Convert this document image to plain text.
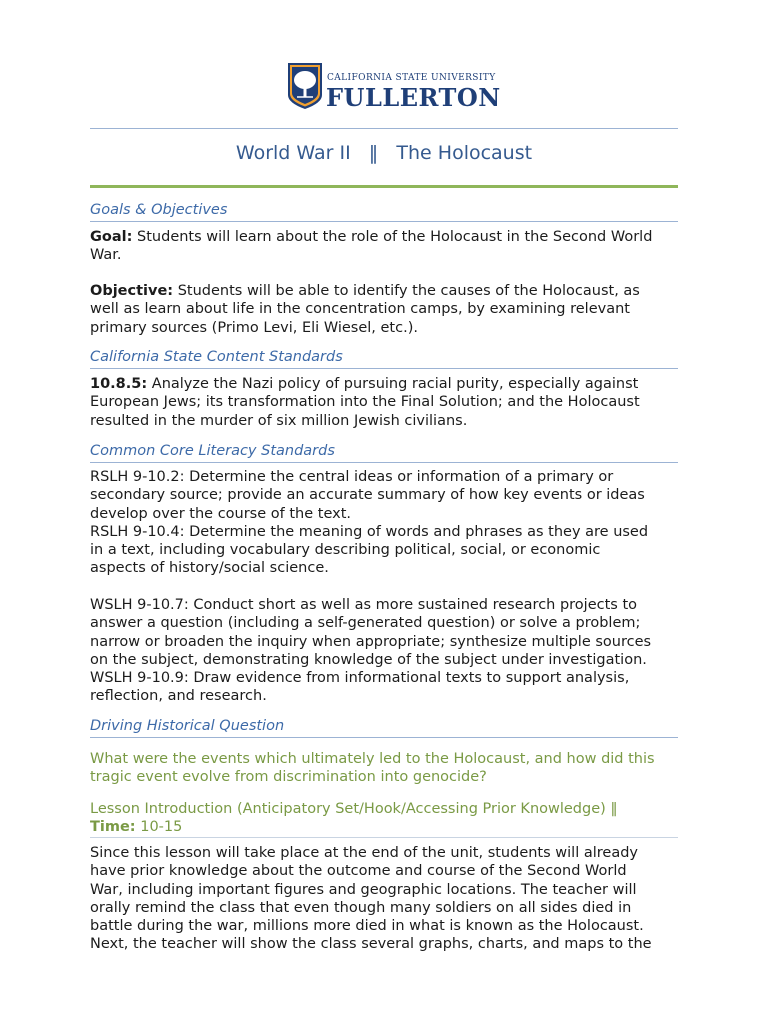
CALIFORNIA STATE UNIVERSITY
FULLERTON
World War II   ‖   The Holocaust
Goals & Objectives
Goal: Students will learn about the role of the Holocaust in the Second World
War.
Objective: Students will be able to identify the causes of the Holocaust, as
well as learn about life in the concentration camps, by examining relevant
primary sources (Primo Levi, Eli Wiesel, etc.).
California State Content Standards
10.8.5: Analyze the Nazi policy of pursuing racial purity, especially against
European Jews; its transformation into the Final Solution; and the Holocaust
resulted in the murder of six million Jewish civilians.
Common Core Literacy Standards
RSLH 9-10.2: Determine the central ideas or information of a primary or
secondary source; provide an accurate summary of how key events or ideas
develop over the course of the text.
RSLH 9-10.4: Determine the meaning of words and phrases as they are used
in a text, including vocabulary describing political, social, or economic
aspects of history/social science.
WSLH 9-10.7: Conduct short as well as more sustained research projects to
answer a question (including a self-generated question) or solve a problem;
narrow or broaden the inquiry when appropriate; synthesize multiple sources
on the subject, demonstrating knowledge of the subject under investigation.
WSLH 9-10.9: Draw evidence from informational texts to support analysis,
reflection, and research.
Driving Historical Question
What were the events which ultimately led to the Holocaust, and how did this
tragic event evolve from discrimination into genocide?
Lesson Introduction (Anticipatory Set/Hook/Accessing Prior Knowledge) ‖
Time: 10-15
Since this lesson will take place at the end of the unit, students will already
have prior knowledge about the outcome and course of the Second World
War, including important figures and geographic locations. The teacher will
orally remind the class that even though many soldiers on all sides died in
battle during the war, millions more died in what is known as the Holocaust.
Next, the teacher will show the class several graphs, charts, and maps to the
